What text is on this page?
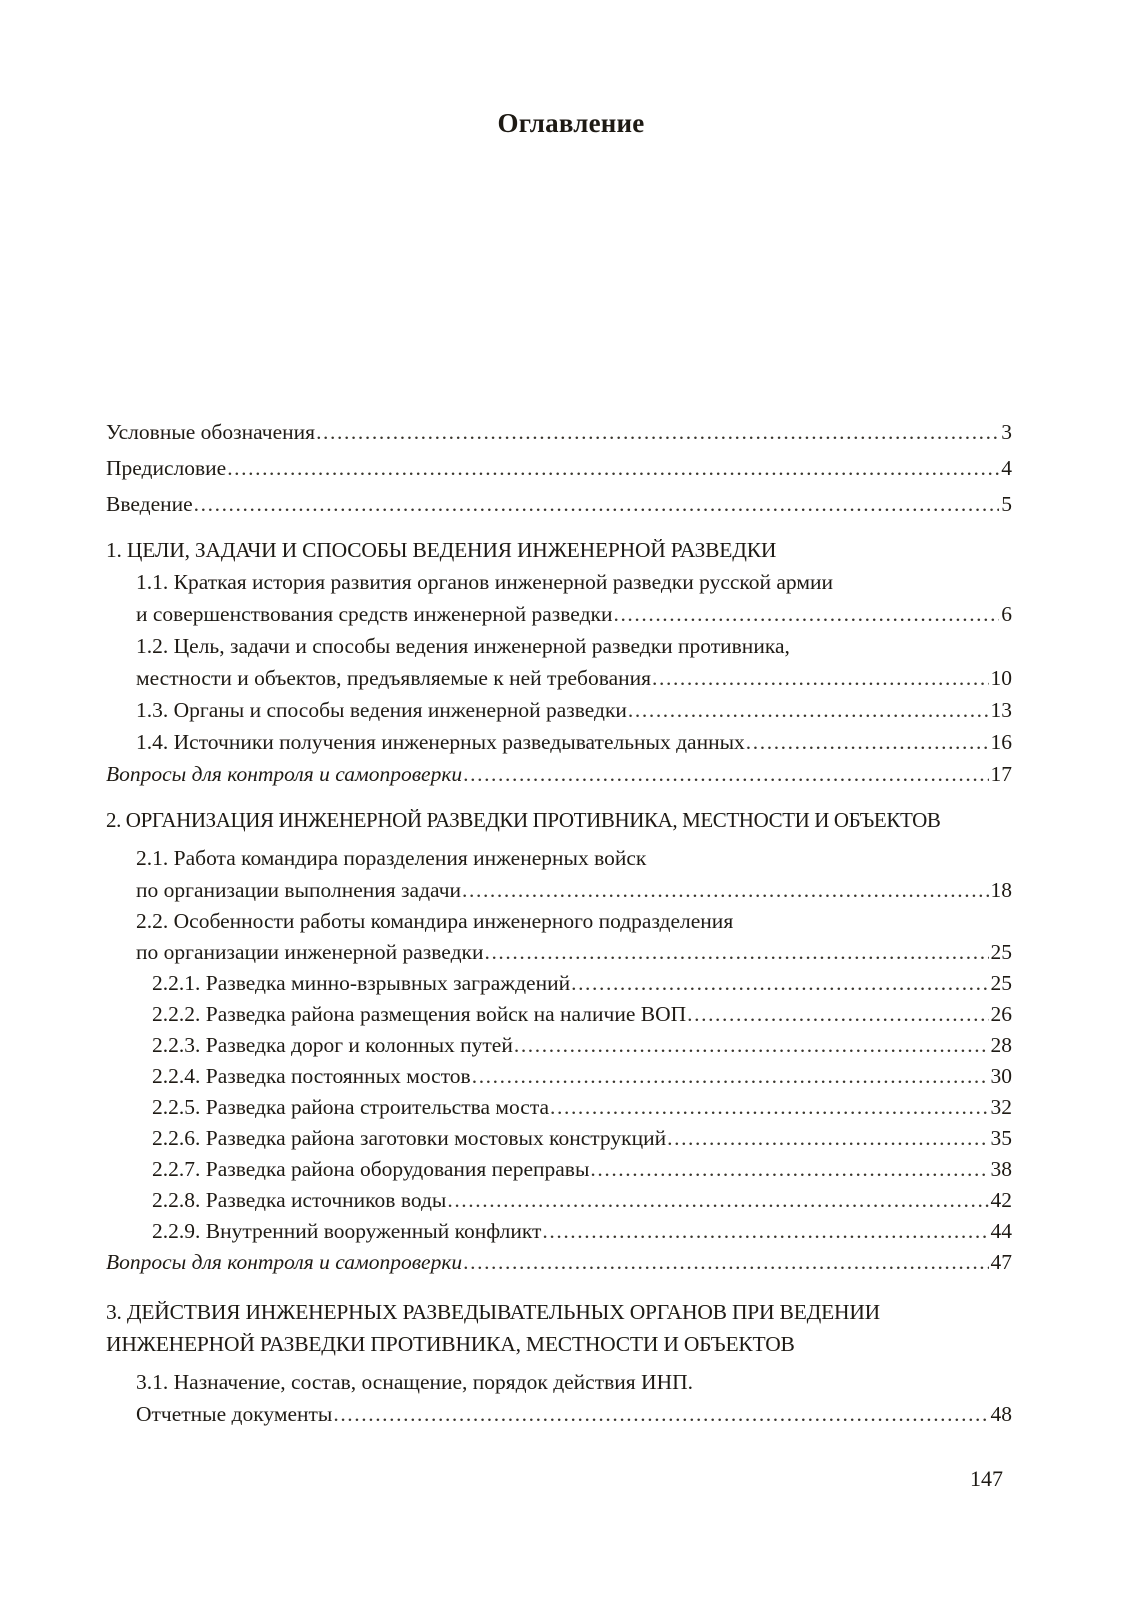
Оглавление
Условные обозначения .....	3
Предисловие .....	4
Введение .....	5
1. ЦЕЛИ, ЗАДАЧИ И СПОСОБЫ ВЕДЕНИЯ ИНЖЕНЕРНОЙ РАЗВЕДКИ
1.1. Краткая история развития органов инженерной разведки русской армии
и совершенствования средств инженерной разведки .....	6
1.2. Цель, задачи и способы ведения инженерной разведки противника,
местности и объектов, предъявляемые к ней требования .....	10
1.3. Органы и способы ведения инженерной разведки .....	13
1.4. Источники получения инженерных разведывательных данных .....	16
Вопросы для контроля и самопроверки .....	17
2. ОРГАНИЗАЦИЯ ИНЖЕНЕРНОЙ РАЗВЕДКИ ПРОТИВНИКА, МЕСТНОСТИ И ОБЪЕКТОВ
2.1. Работа командира поразделения инженерных войск
по организации выполнения задачи .....	18
2.2. Особенности работы командира инженерного подразделения
по организации инженерной разведки .....	25
2.2.1. Разведка минно-взрывных заграждений .....	25
2.2.2. Разведка района размещения войск на наличие ВОП .....	26
2.2.3. Разведка дорог и колонных путей .....	28
2.2.4. Разведка постоянных мостов .....	30
2.2.5. Разведка района строительства моста .....	32
2.2.6. Разведка района заготовки мостовых конструкций .....	35
2.2.7. Разведка района оборудования переправы .....	38
2.2.8. Разведка источников воды .....	42
2.2.9. Внутренний вооруженный конфликт .....	44
Вопросы для контроля и самопроверки .....	47
3. ДЕЙСТВИЯ ИНЖЕНЕРНЫХ РАЗВЕДЫВАТЕЛЬНЫХ ОРГАНОВ ПРИ ВЕДЕНИИ
ИНЖЕНЕРНОЙ РАЗВЕДКИ ПРОТИВНИКА, МЕСТНОСТИ И ОБЪЕКТОВ
3.1. Назначение, состав, оснащение, порядок действия ИНП.
Отчетные документы .....	48
147
